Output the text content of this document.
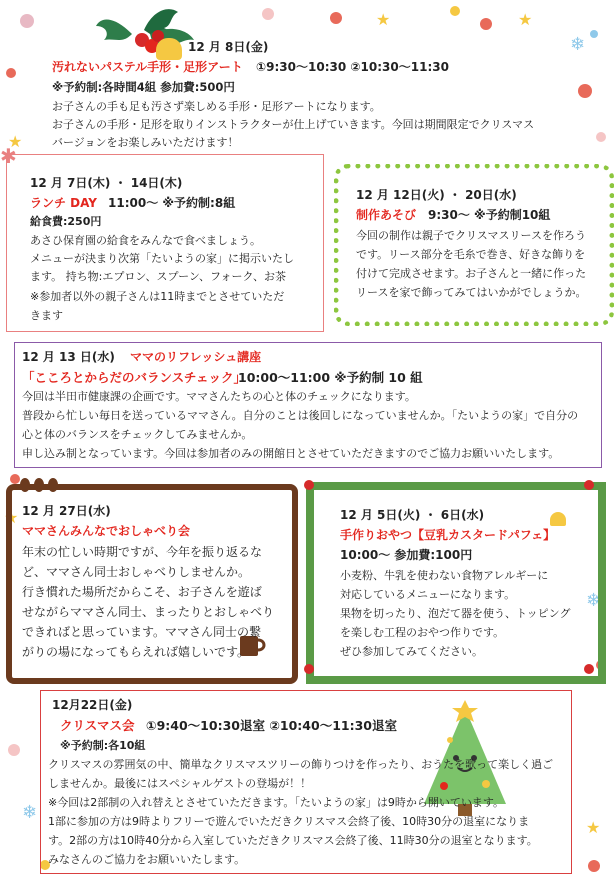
★	★
★
★
★
❄
❄
❄
12 月 8日(金)
汚れないパステル手形・足形アート ①9:30～10:30 ②10:30～11:30
※予約制:各時間4組 参加費:500円
お子さんの手も足も汚さず楽しめる手形・足形アートになります。
お子さんの手形・足形を取りインストラクターが仕上げていきます。今回は期間限定でクリスマス
バージョンをお楽しみいただけます！
✱
12 月 7日(木) ・ 14日(木)
ランチ DAY 11:00～ ※予約制:8組
給食費:250円
あさひ保育園の給食をみんなで食べましょう。
メニューが決まり次第「たいようの家」に掲示いたし
ます。 持ち物:エプロン、スプーン、フォーク、お茶
※参加者以外の親子さんは11時までとさせていただ
きます
12 月 12日(火) ・ 20日(水)
制作あそび 9:30～ ※予約制10組
今回の制作は親子でクリスマスリースを作ろう
です。リース部分を毛糸で巻き、好きな飾りを
付けて完成させます。お子さんと一緒に作った
リースを家で飾ってみてはいかがでしょうか。
12 月 13 日(水) ママのリフレッシュ講座
「こころとからだのバランスチェック」
10:00～11:00 ※予約制 10 組
今回は半田市健康課の企画です。ママさんたちの心と体のチェックになります。
普段から忙しい毎日を送っているママさん。自分のことは後回しになっていませんか。「たいようの家」で自分の
心と体のバランスをチェックしてみませんか。
申し込み制となっています。今回は参加者のみの開館日とさせていただきますのでご協力お願いいたします。
12 月 27日(水)
ママさんみんなでおしゃべり会
年末の忙しい時期ですが、今年を振り返るな
ど、ママさん同士おしゃべりしませんか。
行き慣れた場所だからこそ、お子さんを遊ば
せながらママさん同士、まったりとおしゃべり
できればと思っています。ママさん同士の繋
がりの場になってもらえれば嬉しいです。
12 月 5日(火) ・ 6日(水)
手作りおやつ【豆乳カスタードパフェ】
10:00～ 参加費:100円
小麦粉、牛乳を使わない食物アレルギーに
対応しているメニューになります。
果物を切ったり、泡だて器を使う、トッピング
を楽しむ工程のおやつ作りです。
ぜひ参加してみてください。
12月22日(金)
クリスマス会 ①9:40～10:30退室 ②10:40～11:30退室
※予約制:各10組
クリスマスの雰囲気の中、簡単なクリスマスツリーの飾りつけを作ったり、おうたを歌って楽しく過ご
しませんか。最後にはスペシャルゲストの登場が！！
※今回は2部制の入れ替えとさせていただきます。「たいようの家」は9時から開いています。
1部に参加の方は9時よりフリーで遊んでいただきクリスマス会終了後、10時30分の退室になりま
す。2部の方は10時40分から入室していただきクリスマス会終了後、11時30分の退室となります。
みなさんのご協力をお願いいたします。
